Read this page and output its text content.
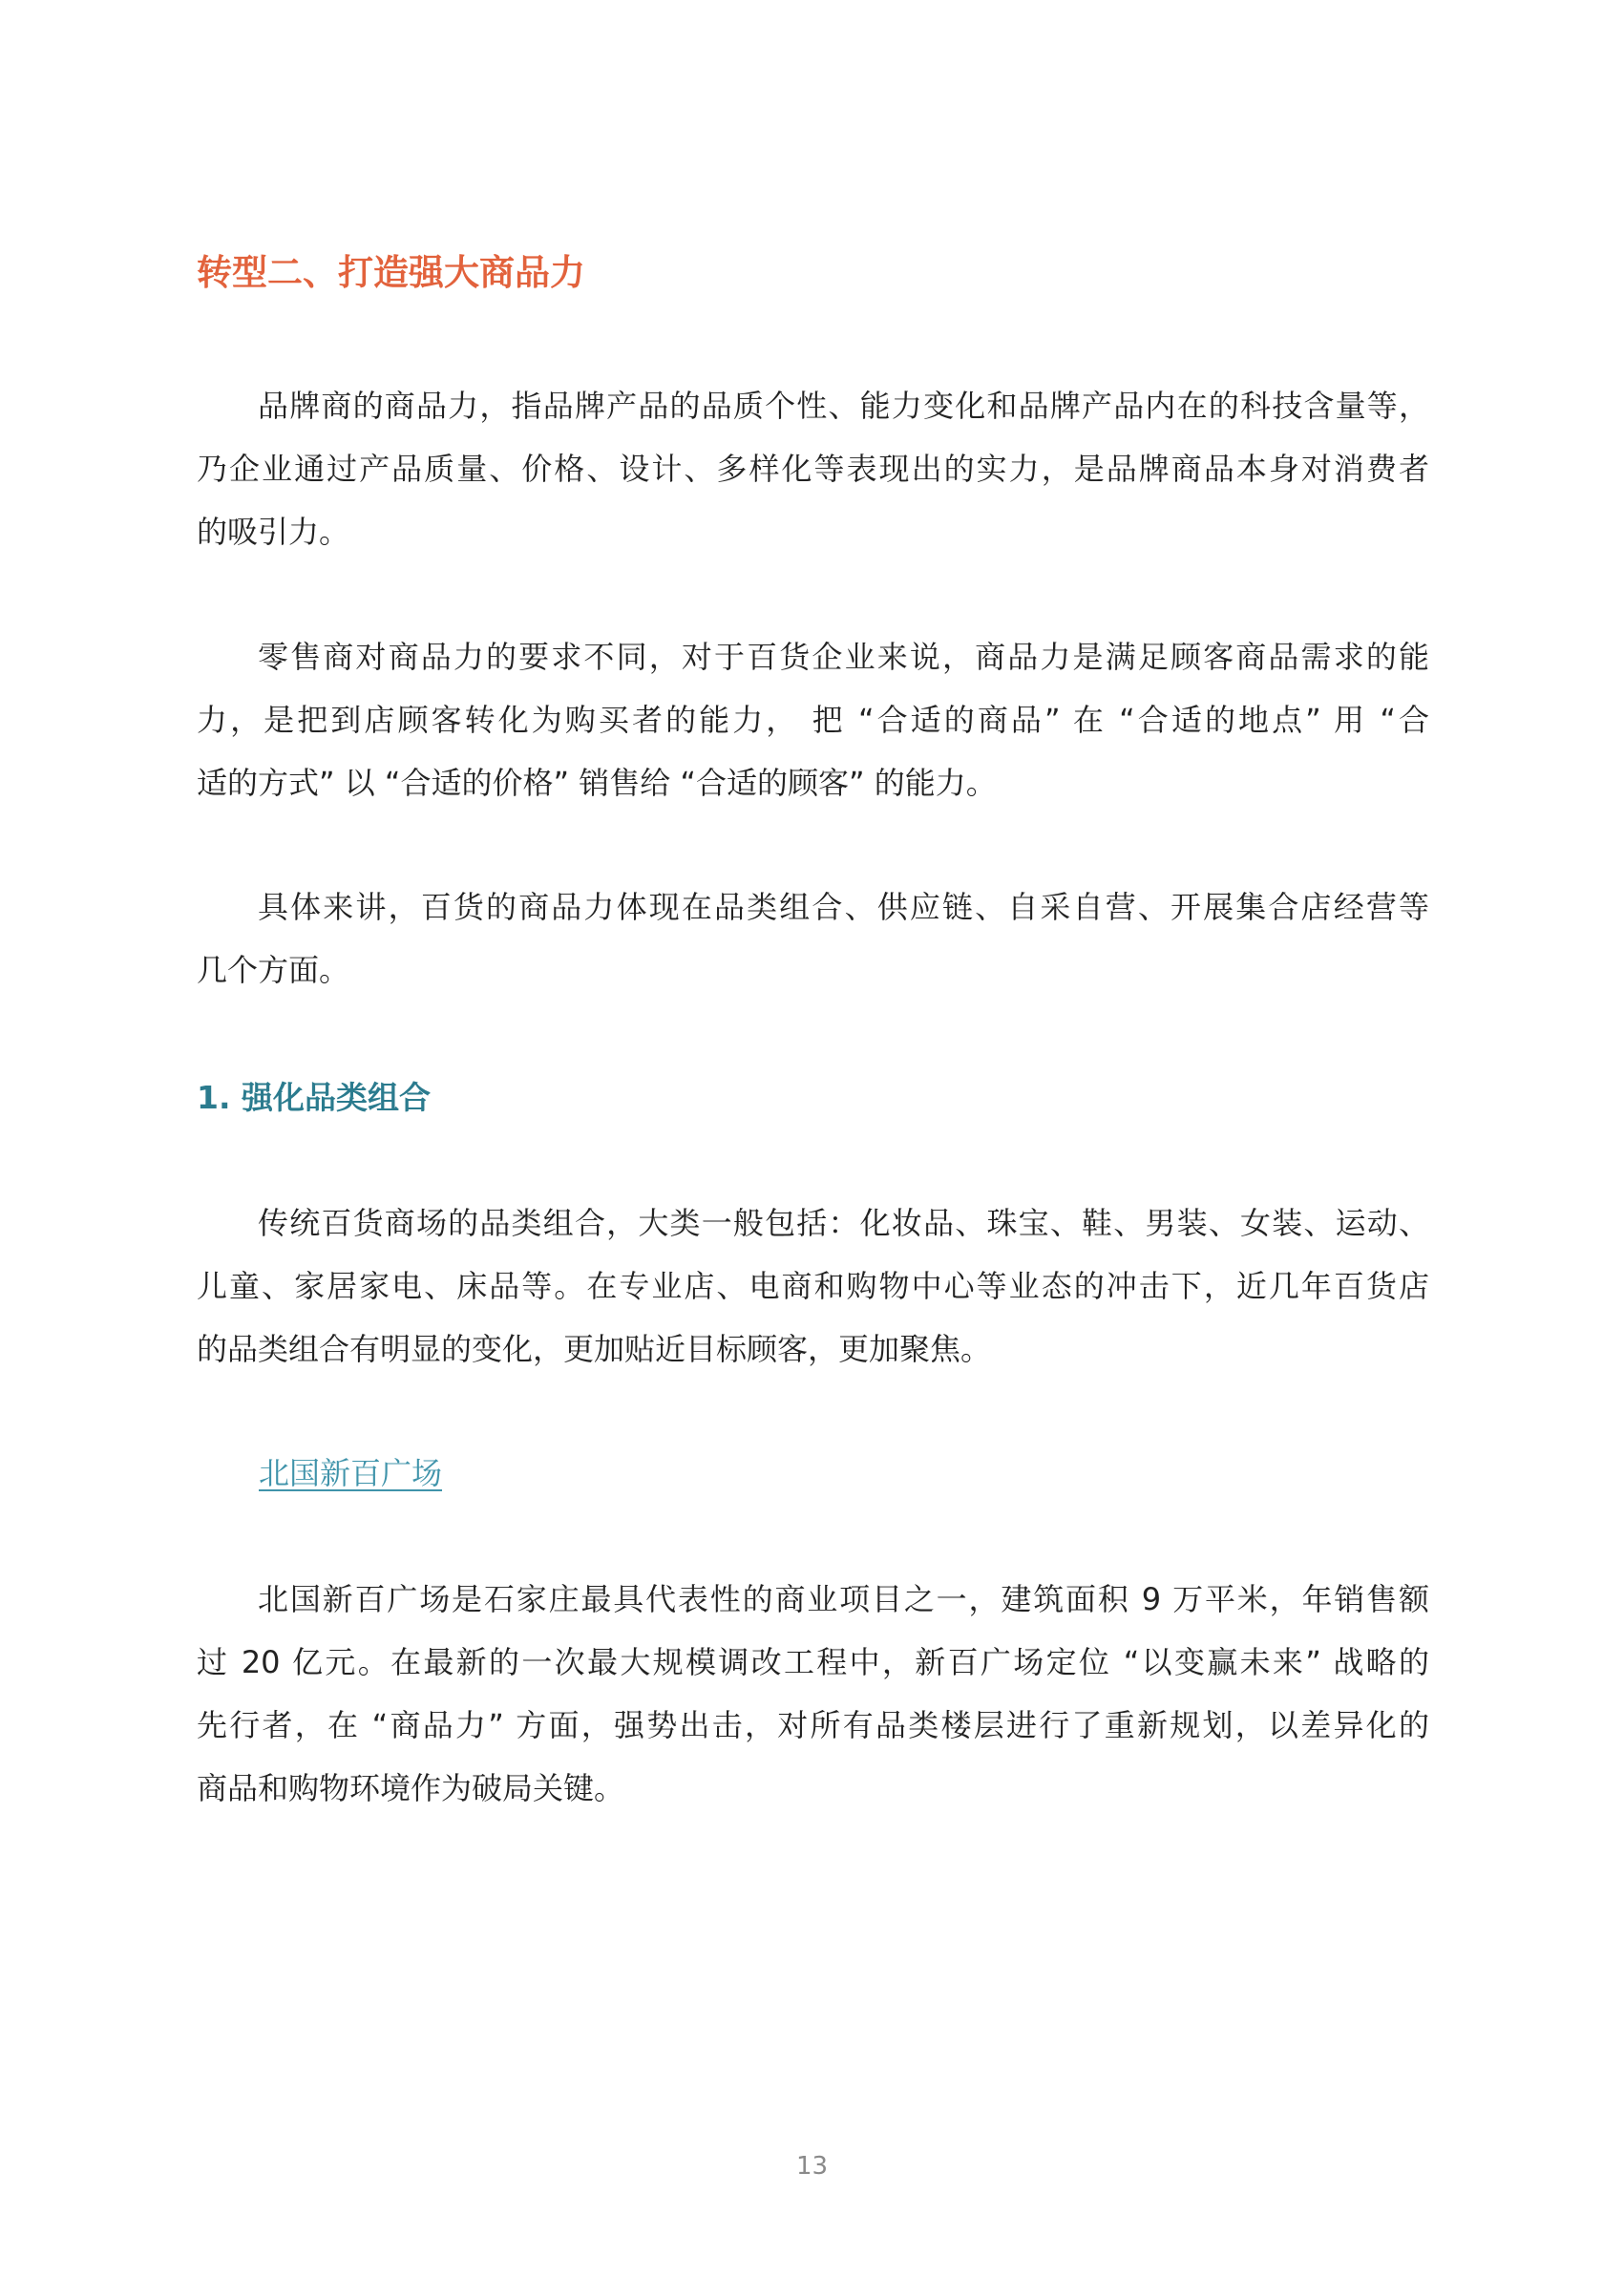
转型二、打造强大商品力
品牌商的商品力，指品牌产品的品质个性、能力变化和品牌产品内在的科技含量等，
乃企业通过产品质量、价格、设计、多样化等表现出的实力，是品牌商品本身对消费者
的吸引力。
零售商对商品力的要求不同，对于百货企业来说，商品力是满足顾客商品需求的能
力，是把到店顾客转化为购买者的能力， 把 “合适的商品” 在 “合适的地点” 用 “合
适的方式” 以 “合适的价格” 销售给 “合适的顾客” 的能力。
具体来讲，百货的商品力体现在品类组合、供应链、自采自营、开展集合店经营等
几个方面。
1. 强化品类组合
传统百货商场的品类组合，大类一般包括：化妆品、珠宝、鞋、男装、女装、运动、
儿童、家居家电、床品等。在专业店、电商和购物中心等业态的冲击下，近几年百货店
的品类组合有明显的变化，更加贴近目标顾客，更加聚焦。
北国新百广场
北国新百广场是石家庄最具代表性的商业项目之一，建筑面积 9 万平米，年销售额
过 20 亿元。在最新的一次最大规模调改工程中，新百广场定位 “以变赢未来” 战略的
先行者，在 “商品力” 方面，强势出击，对所有品类楼层进行了重新规划，以差异化的
商品和购物环境作为破局关键。
13
